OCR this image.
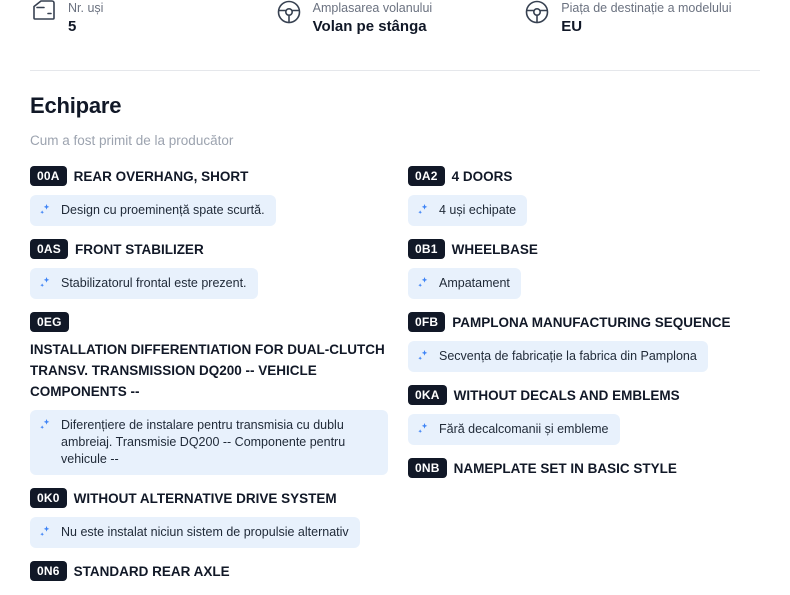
Nr. uși
5
Amplasarea volanului
Volan pe stânga
Piața de destinație a modelului
EU
Echipare
Cum a fost primit de la producător
00A	REAR OVERHANG, SHORT
Design cu proeminență spate scurtă.
0AS	FRONT STABILIZER
Stabilizatorul frontal este prezent.
0EG
INSTALLATION DIFFERENTIATION FOR DUAL-CLUTCH TRANSV. TRANSMISSION DQ200 -- VEHICLE COMPONENTS --
Diferențiere de instalare pentru transmisia cu dublu ambreiaj. Transmisie DQ200 -- Componente pentru vehicule --
0K0	WITHOUT ALTERNATIVE DRIVE SYSTEM
Nu este instalat niciun sistem de propulsie alternativ
0N6	STANDARD REAR AXLE
0A2	4 DOORS
4 uși echipate
0B1	WHEELBASE
Ampatament
0FB	PAMPLONA MANUFACTURING SEQUENCE
Secvența de fabricație la fabrica din Pamplona
0KA	WITHOUT DECALS AND EMBLEMS
Fără decalcomanii și embleme
0NB	NAMEPLATE SET IN BASIC STYLE
